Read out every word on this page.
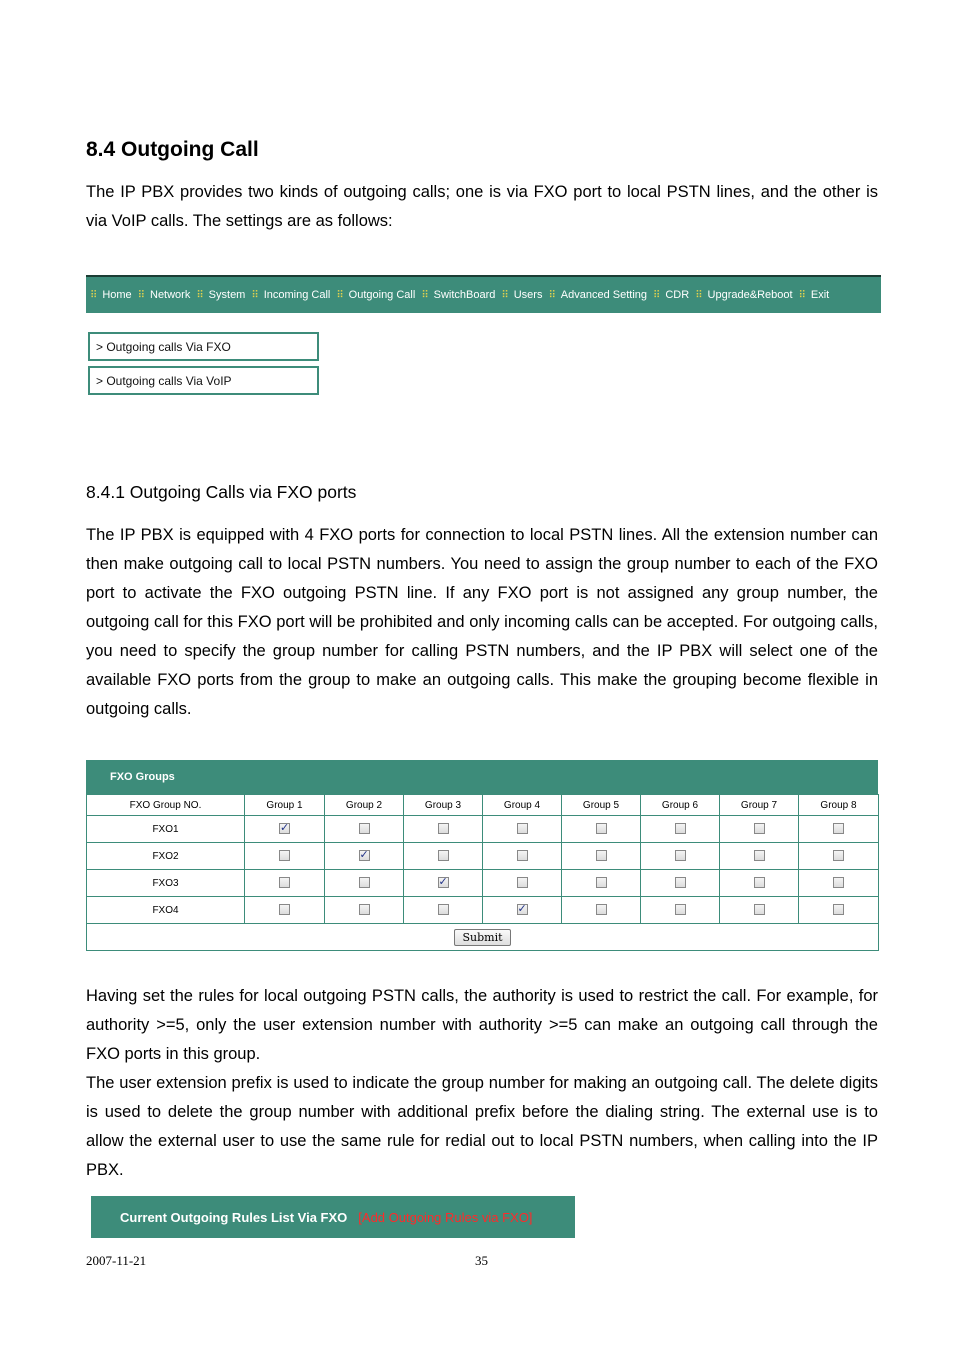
8.4 Outgoing Call

The IP PBX provides two kinds of outgoing calls; one is via FXO port to local PSTN lines, and the other is via VoIP calls. The settings are as follows:

⠿ Home ⠿ Network ⠿ System ⠿ Incoming Call ⠿ Outgoing Call ⠿ SwitchBoard ⠿ Users ⠿ Advanced Setting ⠿ CDR ⠿ Upgrade&Reboot ⠿ Exit
> Outgoing calls Via FXO
> Outgoing calls Via VoIP
8.4.1 Outgoing Calls via FXO ports

The IP PBX is equipped with 4 FXO ports for connection to local PSTN lines. All the extension number can then make outgoing call to local PSTN numbers. You need to assign the group number to each of the FXO port to activate the FXO outgoing PSTN line. If any FXO port is not assigned any group number, the outgoing call for this FXO port will be prohibited and only incoming calls can be accepted. For outgoing calls, you need to specify the group number for calling PSTN numbers, and the IP PBX will select one of the available FXO ports from the group to make an outgoing calls. This make the grouping become flexible in outgoing calls.

FXO Groups
FXO Group NO.	Group 1	Group 2	Group 3	Group 4	Group 5	Group 6	Group 7	Group 8
FXO1	✓							
FXO2		✓						
FXO3			✓					
FXO4				✓				
Submit								

Having set the rules for local outgoing PSTN calls, the authority is used to restrict the call. For example, for authority >=5, only the user extension number with authority >=5 can make an outgoing call through the FXO ports in this group.

The user extension prefix is used to indicate the group number for making an outgoing call. The delete digits is used to delete the group number with additional prefix before the dialing string. The external use is to allow the external user to use the same rule for redial out to local PSTN numbers, when calling into the IP PBX.

Current Outgoing Rules List Via FXO [Add Outgoing Rules via FXO]
2007-11-21	35
